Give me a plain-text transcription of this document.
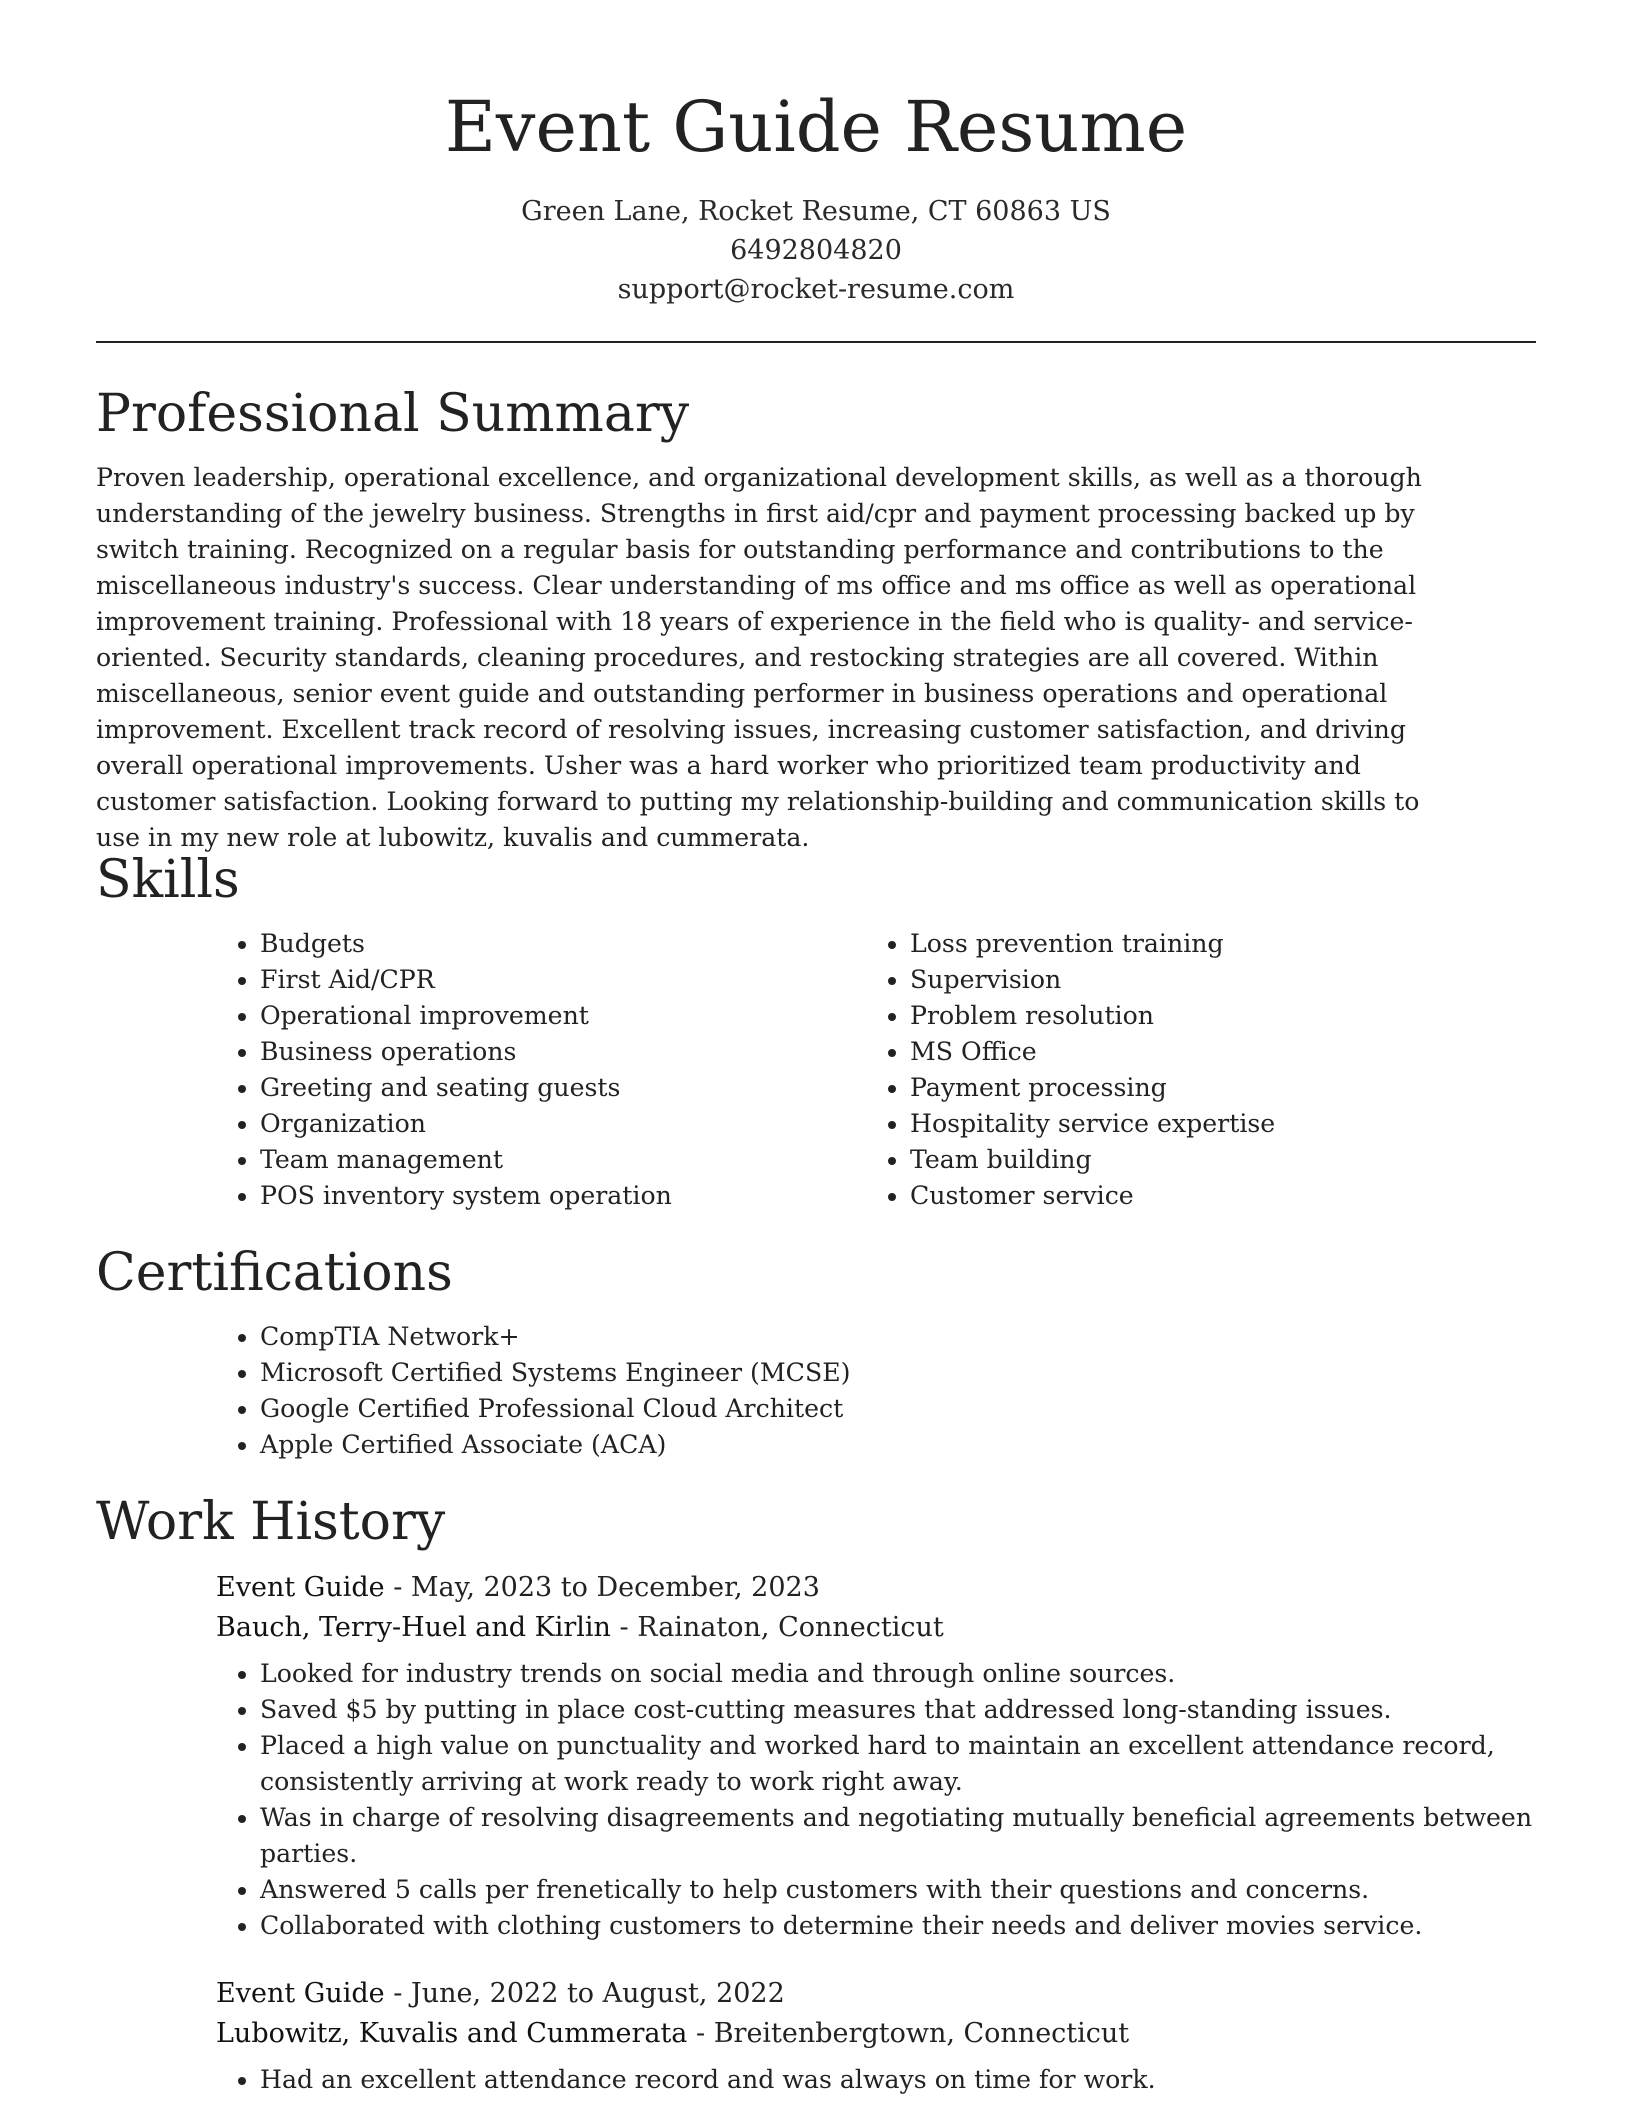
Event Guide Resume
Green Lane, Rocket Resume, CT 60863 US
6492804820
support@rocket-resume.com
Professional Summary

Proven leadership, operational excellence, and organizational development skills, as well as a thorough understanding of the jewelry business. Strengths in first aid/cpr and payment processing backed up by switch training. Recognized on a regular basis for outstanding performance and contributions to the miscellaneous industry's success. Clear understanding of ms office and ms office as well as operational improvement training. Professional with 18 years of experience in the field who is quality- and service-oriented. Security standards, cleaning procedures, and restocking strategies are all covered. Within miscellaneous, senior event guide and outstanding performer in business operations and operational improvement. Excellent track record of resolving issues, increasing customer satisfaction, and driving overall operational improvements. Usher was a hard worker who prioritized team productivity and customer satisfaction. Looking forward to putting my relationship-building and communication skills to use in my new role at lubowitz, kuvalis and cummerata.

Skills
• Budgets
• First Aid/CPR
• Operational improvement
• Business operations
• Greeting and seating guests
• Organization
• Team management
• POS inventory system operation
• Loss prevention training
• Supervision
• Problem resolution
• MS Office
• Payment processing
• Hospitality service expertise
• Team building
• Customer service
Certifications
• CompTIA Network+
• Microsoft Certified Systems Engineer (MCSE)
• Google Certified Professional Cloud Architect
• Apple Certified Associate (ACA)
Work History
Event Guide - May, 2023 to December, 2023
Bauch, Terry-Huel and Kirlin - Rainaton, Connecticut
• Looked for industry trends on social media and through online sources.
• Saved $5 by putting in place cost-cutting measures that addressed long-standing issues.
• Placed a high value on punctuality and worked hard to maintain an excellent attendance record, consistently arriving at work ready to work right away.
• Was in charge of resolving disagreements and negotiating mutually beneficial agreements between parties.
• Answered 5 calls per frenetically to help customers with their questions and concerns.
• Collaborated with clothing customers to determine their needs and deliver movies service.
Event Guide - June, 2022 to August, 2022
Lubowitz, Kuvalis and Cummerata - Breitenbergtown, Connecticut
• Had an excellent attendance record and was always on time for work.
